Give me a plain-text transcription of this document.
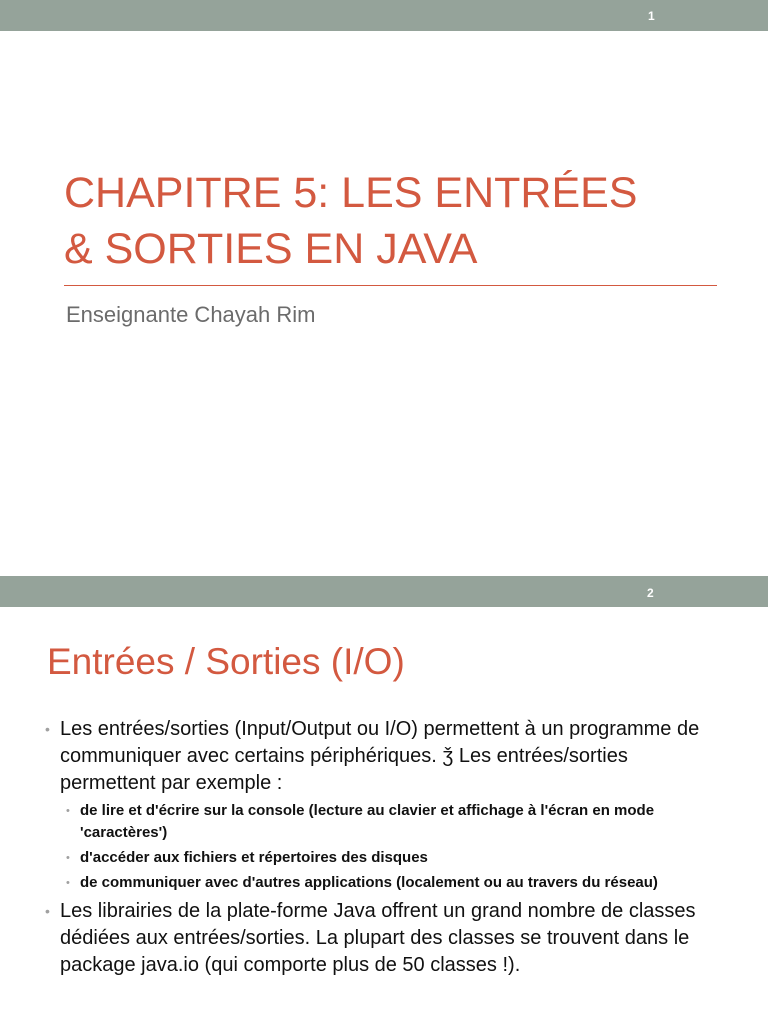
1
CHAPITRE 5: LES ENTRÉES
& SORTIES EN JAVA
Enseignante Chayah Rim
2
Entrées / Sorties (I/O)
• Les entrées/sorties (Input/Output ou I/O) permettent à un programme de communiquer avec certains périphériques. ǯ Les entrées/sorties permettent par exemple :
• de lire et d'écrire sur la console (lecture au clavier et affichage à l'écran en mode 'caractères')
• d'accéder aux fichiers et répertoires des disques
• de communiquer avec d'autres applications (localement ou au travers du réseau)
• Les librairies de la plate-forme Java offrent un grand nombre de classes dédiées aux entrées/sorties. La plupart des classes se trouvent dans le package java.io (qui comporte plus de 50 classes !).
